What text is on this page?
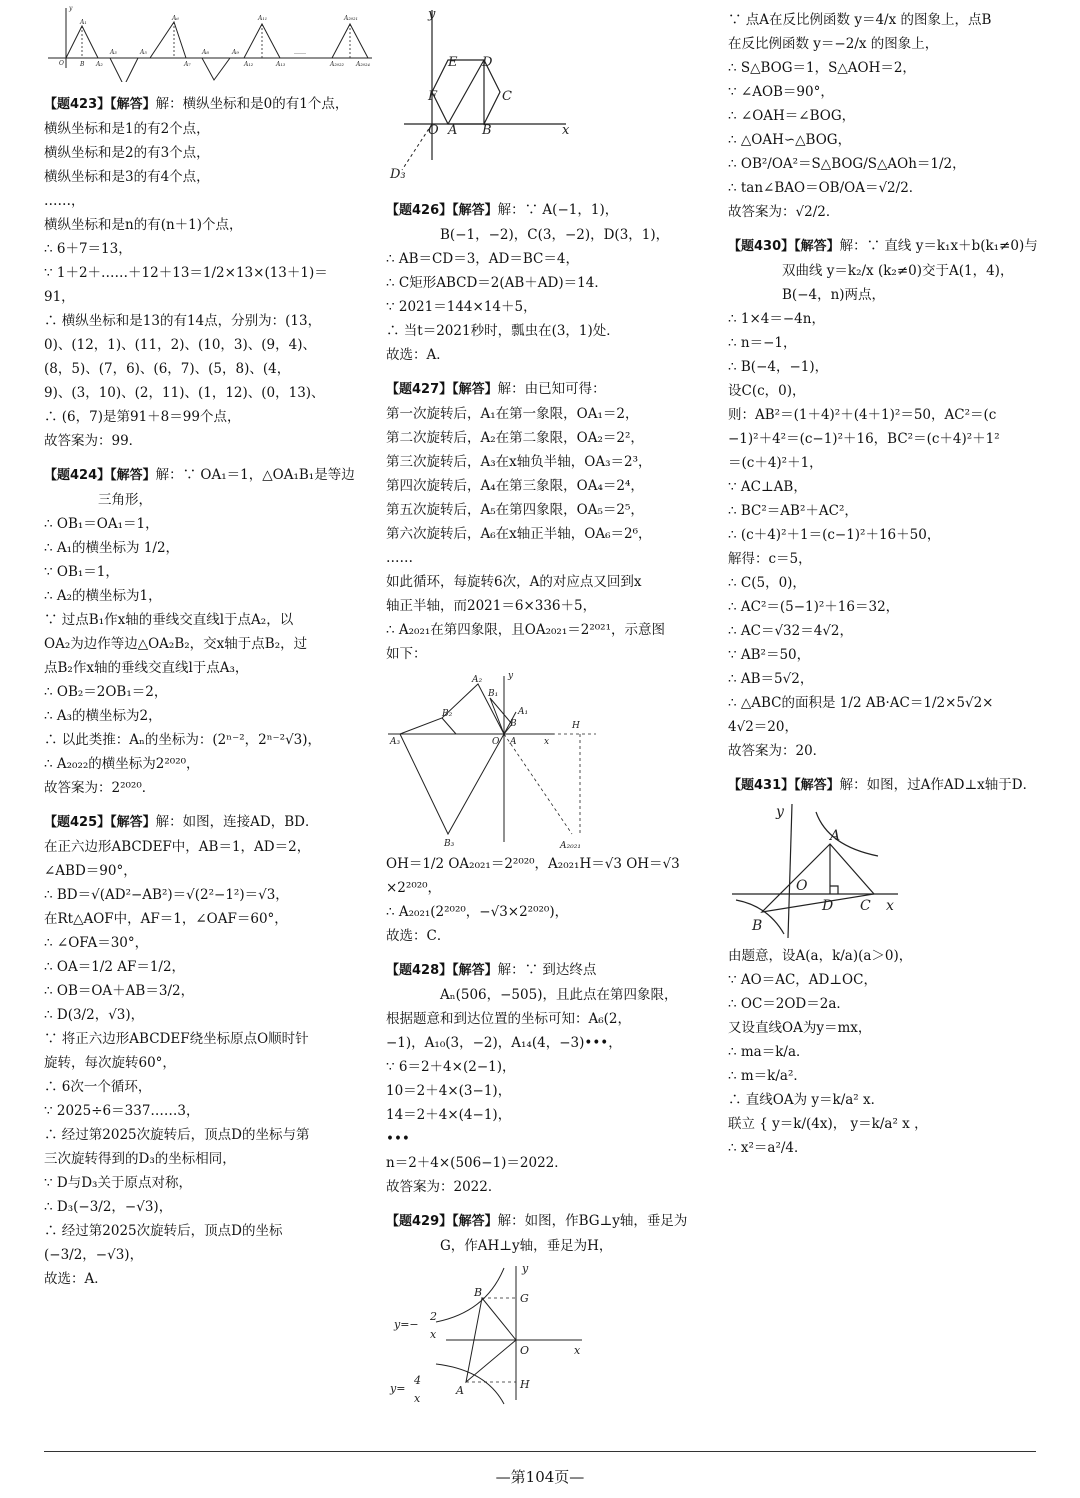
y
A₁
A₂
A₃	A₅
A₆
A₇
A₈	A₉
A₁₁
A₁₂	A₁₃
O	B
A₂₀₂₁
A₂₀₂₂ A₂₀₂₄
……
【题423】【解答】解：横纵坐标和是0的有1个点，
横纵坐标和是1的有2个点，
横纵坐标和是2的有3个点，
横纵坐标和是3的有4个点，
……，
横纵坐标和是n的有(n＋1)个点，
∴ 6＋7＝13，
∵ 1＋2＋……＋12＋13＝1/2×13×(13＋1)＝
91，
∴ 横纵坐标和是13的有14点，分别为：(13，
0)、(12，1)、(11，2)、(10，3)、(9，4)、
(8，5)、(7，6)、(6，7)、(5，8)、(4，
9)、(3，10)、(2，11)、(1，12)、(0，13)、
∴ (6，7)是第91＋8＝99个点，
故答案为：99．
【题424】【解答】解：∵ OA₁＝1，△OA₁B₁是等边三角形，
∴ OB₁＝OA₁＝1，
∴ A₁的横坐标为 1/2，
∵ OB₁＝1，
∴ A₂的横坐标为1，
∵ 过点B₁作x轴的垂线交直线l于点A₂，以
OA₂为边作等边△OA₂B₂，交x轴于点B₂，过
点B₂作x轴的垂线交直线l于点A₃，
∴ OB₂＝2OB₁＝2，
∴ A₃的横坐标为2，
∴ 以此类推：Aₙ的坐标为：(2ⁿ⁻²，2ⁿ⁻²√3)，
∴ A₂₀₂₂的横坐标为2²⁰²⁰，
故答案为：2²⁰²⁰．
【题425】【解答】解：如图，连接AD，BD．
在正六边形ABCDEF中，AB＝1，AD＝2，
∠ABD＝90°，
∴ BD＝√(AD²−AB²)＝√(2²−1²)＝√3，
在Rt△AOF中，AF＝1，∠OAF＝60°，
∴ ∠OFA＝30°，
∴ OA＝1/2 AF＝1/2，
∴ OB＝OA＋AB＝3/2，
∴ D(3/2，√3)，
∵ 将正六边形ABCDEF绕坐标原点O顺时针
旋转，每次旋转60°，
∴ 6次一个循环，
∵ 2025÷6＝337……3，
∴ 经过第2025次旋转后，顶点D的坐标与第
三次旋转得到的D₃的坐标相同，
∵ D与D₃关于原点对称，
∴ D₃(−3/2，−√3)，
∴ 经过第2025次旋转后，顶点D的坐标
(−3/2，−√3)，
故选：A．
y
E D
F	C
O A B	x
D₃
【题426】【解答】解：∵ A(−1，1)，B(−1，−2)，C(3，−2)，D(3，1)，
∴ AB＝CD＝3，AD＝BC＝4，
∴ C矩形ABCD＝2(AB＋AD)＝14．
∵ 2021＝144×14＋5，
∴ 当t＝2021秒时，瓢虫在(3，1)处．
故选：A．
【题427】【解答】解：由已知可得：
第一次旋转后，A₁在第一象限，OA₁＝2，
第二次旋转后，A₂在第二象限，OA₂＝2²，
第三次旋转后，A₃在x轴负半轴，OA₃＝2³，
第四次旋转后，A₄在第三象限，OA₄＝2⁴，
第五次旋转后，A₅在第四象限，OA₅＝2⁵，
第六次旋转后，A₆在x轴正半轴，OA₆＝2⁶，
……
如此循环，每旋转6次，A的对应点又回到x
轴正半轴，而2021＝6×336＋5，
∴ A₂₀₂₁在第四象限，且OA₂₀₂₁＝2²⁰²¹，示意图
如下：
y
A₂
B₁
A₁
B₂
B
A₃	O A	x
H
B₃	A₂₀₂₁
OH＝1/2 OA₂₀₂₁＝2²⁰²⁰，A₂₀₂₁H＝√3 OH＝√3
×2²⁰²⁰，
∴ A₂₀₂₁(2²⁰²⁰，−√3×2²⁰²⁰)，
故选：C．
【题428】【解答】解：∵ 到达终点Aₙ(506，−505)，且此点在第四象限，
根据题意和到达位置的坐标可知：A₆(2，
−1)，A₁₀(3，−2)，A₁₄(4，−3)•••，
∵ 6＝2＋4×(2−1)，
10＝2＋4×(3−1)，
14＝2＋4×(4−1)，
•••
n＝2＋4×(506−1)＝2022．
故答案为：2022．
【题429】【解答】解：如图，作BG⊥y轴，垂足为G，作AH⊥y轴，垂足为H，
y
y=−
2
x
B	G
O	x
y=
4
x
H
A
∵ 点A在反比例函数 y＝4/x 的图象上，点B
在反比例函数 y＝−2/x 的图象上，
∴ S△BOG＝1，S△AOH＝2，
∵ ∠AOB＝90°，
∴ ∠OAH＝∠BOG，
∴ △OAH∽△BOG，
∴ OB²/OA²＝S△BOG/S△AOh＝1/2，
∴ tan∠BAO＝OB/OA＝√2/2．
故答案为：√2/2．
【题430】【解答】解：∵ 直线 y＝k₁x＋b(k₁≠0)与双曲线 y＝k₂/x (k₂≠0)交于A(1，4)，B(−4，n)两点，
∴ 1×4＝−4n，
∴ n＝−1，
∴ B(−4，−1)，
设C(c，0)，
则：AB²＝(1＋4)²＋(4＋1)²＝50，AC²＝(c
−1)²＋4²＝(c−1)²＋16，BC²＝(c＋4)²＋1²
＝(c＋4)²＋1，
∵ AC⊥AB，
∴ BC²＝AB²＋AC²，
∴ (c＋4)²＋1＝(c−1)²＋16＋50，
解得：c＝5，
∴ C(5，0)，
∴ AC²＝(5−1)²＋16＝32，
∴ AC＝√32＝4√2，
∵ AB²＝50，
∴ AB＝5√2，
∴ △ABC的面积是 1/2 AB·AC＝1/2×5√2×
4√2＝20，
故答案为：20．
【题431】【解答】解：如图，过A作AD⊥x轴于D．
y
A
O
D C x
B
由题意，设A(a，k/a)(a＞0)，
∵ AO＝AC，AD⊥OC，
∴ OC＝2OD＝2a．
又设直线OA为y＝mx，
∴ ma＝k/a．
∴ m＝k/a²．
∴ 直线OA为 y＝k/a² x．
联立 { y＝k/(4x)， y＝k/a² x ，
∴ x²＝a²/4．
—第104页—
